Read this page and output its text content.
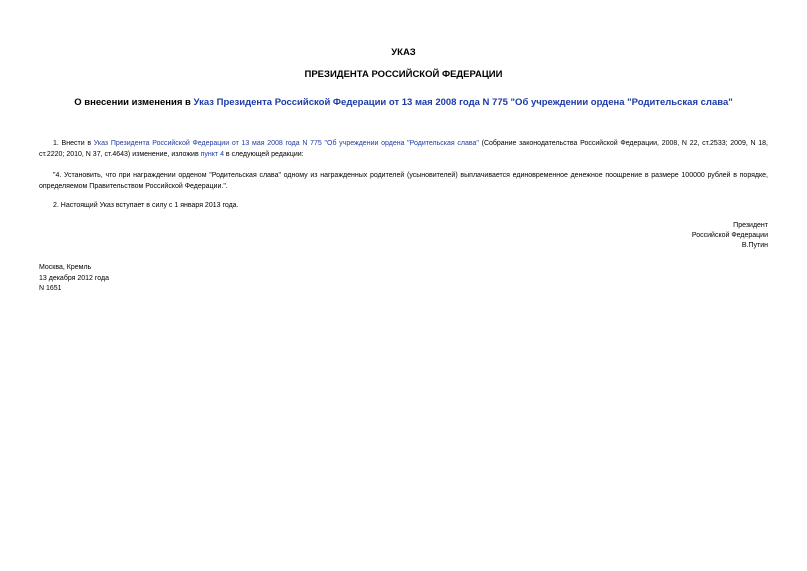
УКАЗ
ПРЕЗИДЕНТА РОССИЙСКОЙ ФЕДЕРАЦИИ
О внесении изменения в Указ Президента Российской Федерации от 13 мая 2008 года N 775 "Об учреждении ордена "Родительская слава"

1. Внести в Указ Президента Российской Федерации от 13 мая 2008 года N 775 "Об учреждении ордена "Родительская слава" (Собрание законодательства Российской Федерации, 2008, N 22, ст.2533; 2009, N 18, ст.2220; 2010, N 37, ст.4643) изменение, изложив пункт 4 в следующей редакции:

"4. Установить, что при награждении орденом "Родительская слава" одному из награжденных родителей (усыновителей) выплачивается единовременное денежное поощрение в размере 100000 рублей в порядке, определяемом Правительством Российской Федерации.".

2. Настоящий Указ вступает в силу с 1 января 2013 года.

Президент
Российской Федерации
В.Путин
Москва, Кремль
13 декабря 2012 года
N 1651
